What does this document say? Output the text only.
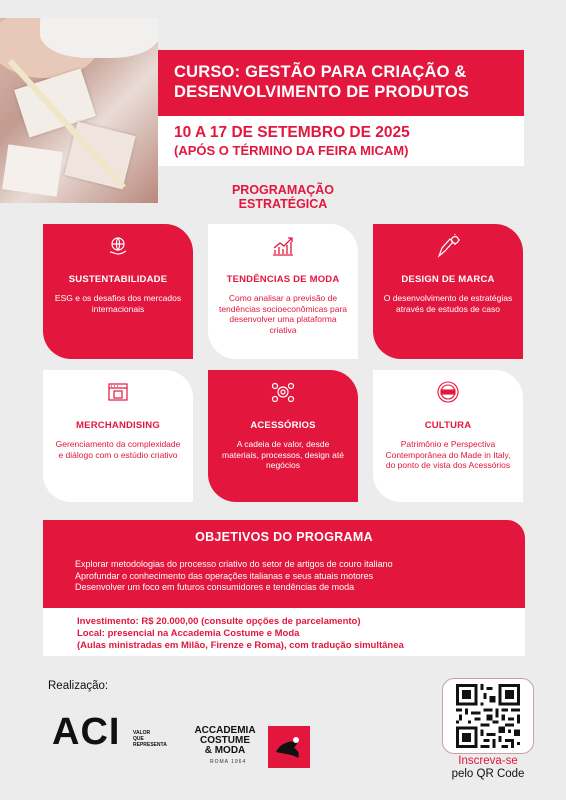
CURSO: GESTÃO PARA CRIAÇÃO &
DESENVOLVIMENTO DE PRODUTOS
10 A 17 DE SETEMBRO DE 2025
(APÓS O TÉRMINO DA FEIRA MICAM)
PROGRAMAÇÃO
ESTRATÉGICA
SUSTENTABILIDADE
ESG e os desafios dos mercados internacionais
TENDÊNCIAS DE MODA
Como analisar a previsão de tendências socioeconômicas para desenvolver uma plataforma criativa
DESIGN DE MARCA
O desenvolvimento de estratégias através de estudos de caso
MERCHANDISING
Gerenciamento da complexidade e diálogo com o estúdio criativo
ACESSÓRIOS
A cadeia de valor, desde materiais, processos, design até negócios
CULTURA
Patrimônio e Perspectiva Contemporânea do Made in Italy, do ponto de vista dos Acessórios
OBJETIVOS DO PROGRAMA
Explorar metodologias do processo criativo do setor de artigos de couro italiano
Aprofundar o conhecimento das operações italianas e seus atuais motores
Desenvolver um foco em futuros consumidores e tendências de moda
Investimento: R$ 20.000,00 (consulte opções de parcelamento)
Local: presencial na Accademia Costume e Moda
(Aulas ministradas em Milão, Firenze e Roma), com tradução simultânea
Realização:
ACI	VALOR
QUE
REPRESENTA
ACCADEMIA
COSTUME
& MODA
ROMA 1964	Inscreva-se
pelo QR Code
